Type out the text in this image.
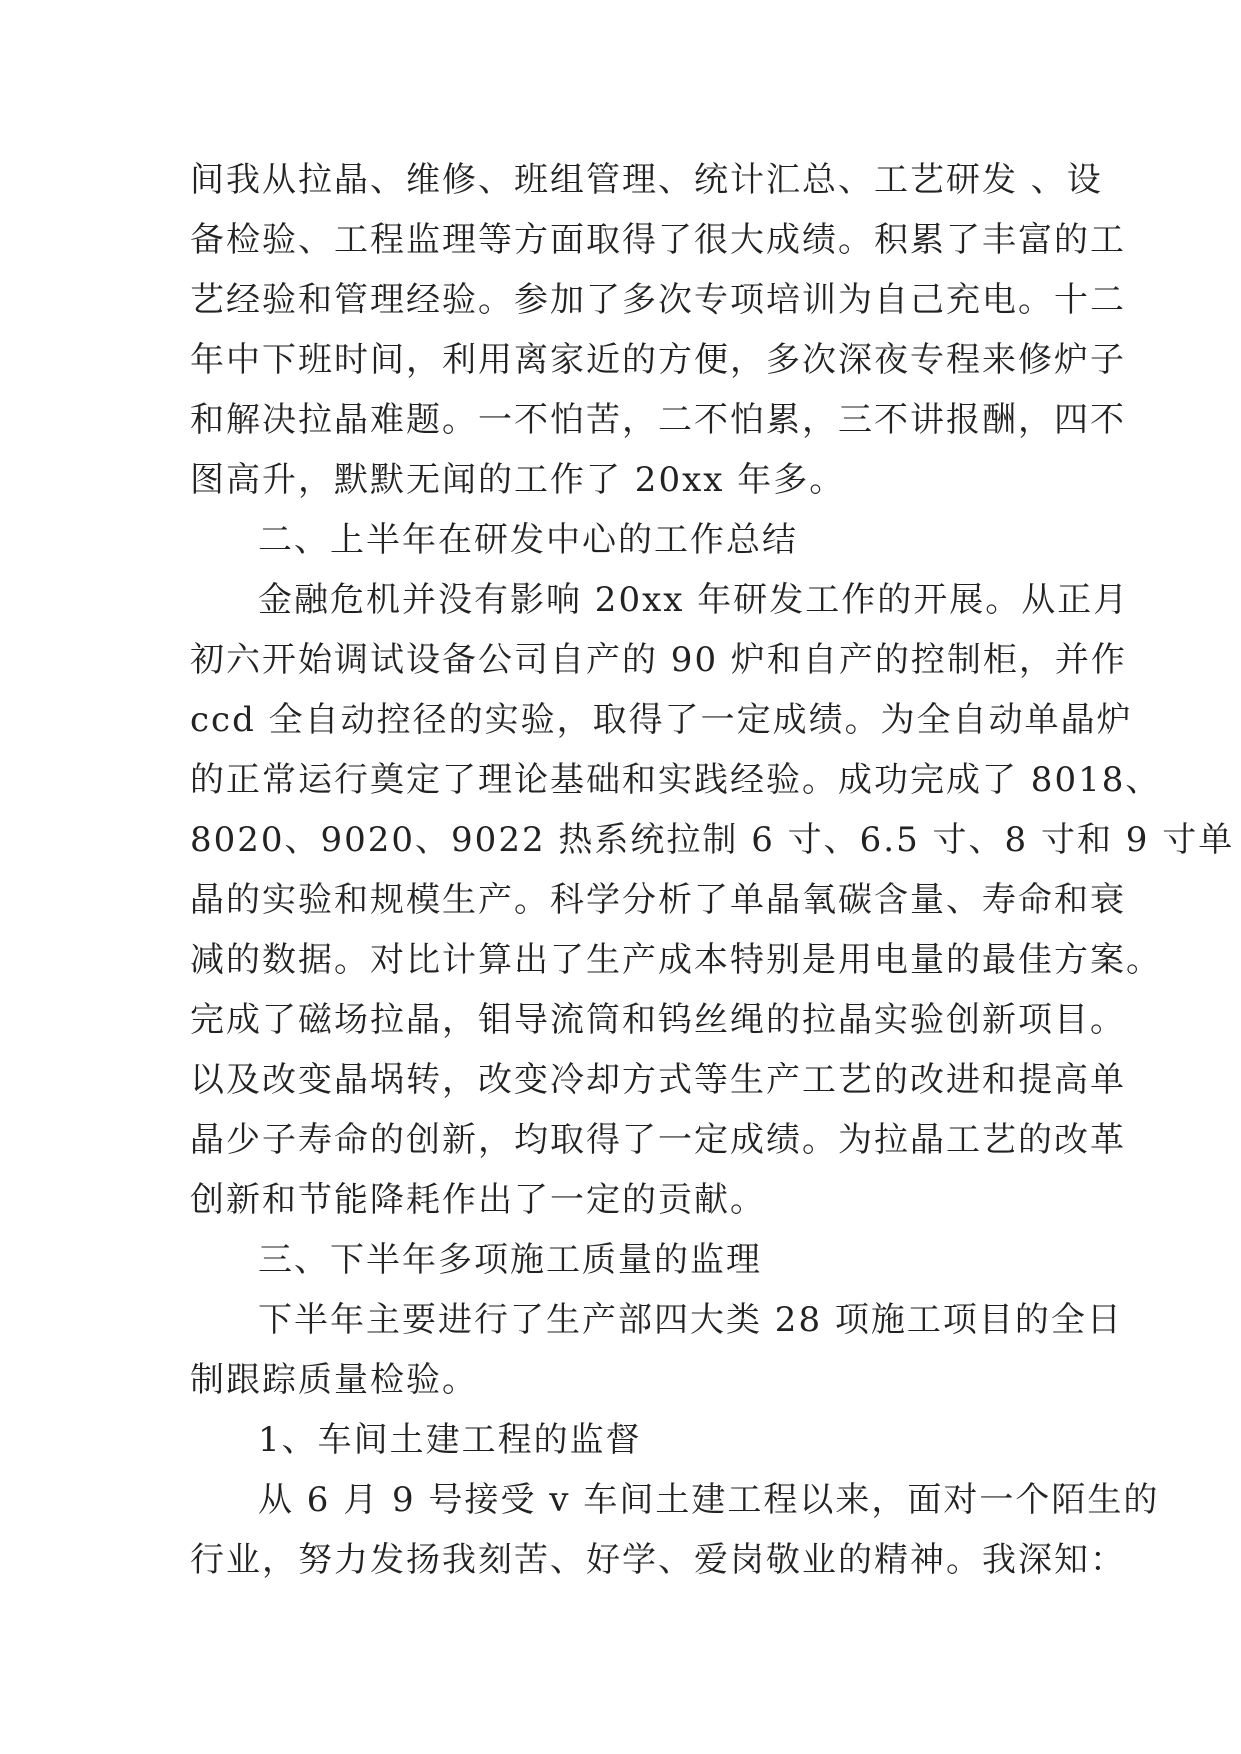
间我从拉晶、维修、班组管理、统计汇总、工艺研发 、设
备检验、工程监理等方面取得了很大成绩。积累了丰富的工
艺经验和管理经验。参加了多次专项培训为自己充电。十二
年中下班时间，利用离家近的方便，多次深夜专程来修炉子
和解决拉晶难题。一不怕苦，二不怕累，三不讲报酬，四不
图高升，默默无闻的工作了 20xx 年多。
二、上半年在研发中心的工作总结
金融危机并没有影响 20xx 年研发工作的开展。从正月
初六开始调试设备公司自产的 90 炉和自产的控制柜，并作
ccd 全自动控径的实验，取得了一定成绩。为全自动单晶炉
的正常运行奠定了理论基础和实践经验。成功完成了 8018、
8020、9020、9022 热系统拉制 6 寸、6.5 寸、8 寸和 9 寸单
晶的实验和规模生产。科学分析了单晶氧碳含量、寿命和衰
减的数据。对比计算出了生产成本特别是用电量的最佳方案。
完成了磁场拉晶，钼导流筒和钨丝绳的拉晶实验创新项目。
以及改变晶埚转，改变冷却方式等生产工艺的改进和提高单
晶少子寿命的创新，均取得了一定成绩。为拉晶工艺的改革
创新和节能降耗作出了一定的贡献。
三、下半年多项施工质量的监理
下半年主要进行了生产部四大类 28 项施工项目的全日
制跟踪质量检验。
1、车间土建工程的监督
从 6 月 9 号接受 v 车间土建工程以来，面对一个陌生的
行业，努力发扬我刻苦、好学、爱岗敬业的精神。我深知：
